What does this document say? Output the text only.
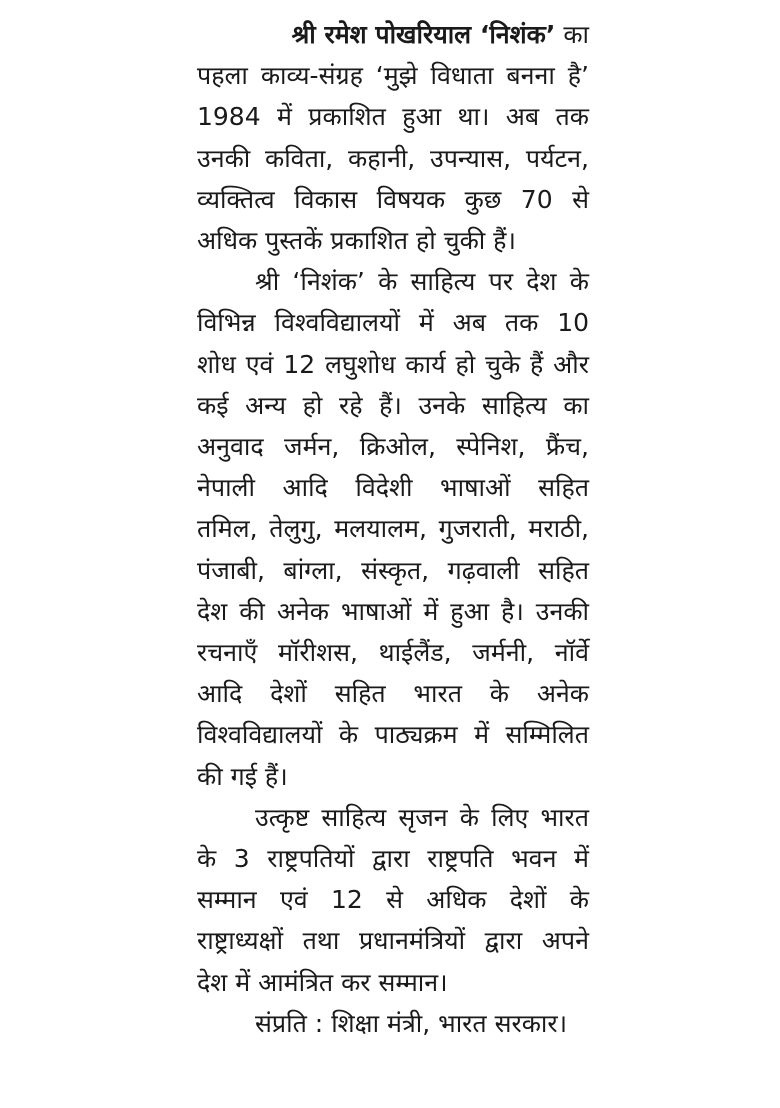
श्री रमेश पोखरियाल ‘निशंक’ का
पहला काव्य-संग्रह ‘मुझे विधाता बनना है’
1984 में प्रकाशित हुआ था। अब तक
उनकी कविता, कहानी, उपन्यास, पर्यटन,
व्यक्तित्व विकास विषयक कुछ 70 से
अधिक पुस्तकें प्रकाशित हो चुकी हैं।

श्री ‘निशंक’ के साहित्य पर देश के
विभिन्न विश्वविद्यालयों में अब तक 10
शोध एवं 12 लघुशोध कार्य हो चुके हैं और
कई अन्य हो रहे हैं। उनके साहित्य का
अनुवाद जर्मन, क्रिओल, स्पेनिश, फ्रैंच,
नेपाली आदि विदेशी भाषाओं सहित
तमिल, तेलुगु, मलयालम, गुजराती, मराठी,
पंजाबी, बांग्ला, संस्कृत, गढ़वाली सहित
देश की अनेक भाषाओं में हुआ है। उनकी
रचनाएँ मॉरीशस, थाईलैंड, जर्मनी, नॉर्वे
आदि देशों सहित भारत के अनेक
विश्वविद्यालयों के पाठ्यक्रम में सम्मिलित
की गई हैं।

उत्कृष्ट साहित्य सृजन के लिए भारत
के 3 राष्ट्रपतियों द्वारा राष्ट्रपति भवन में
सम्मान एवं 12 से अधिक देशों के
राष्ट्राध्यक्षों तथा प्रधानमंत्रियों द्वारा अपने
देश में आमंत्रित कर सम्मान।

संप्रति : शिक्षा मंत्री, भारत सरकार।
